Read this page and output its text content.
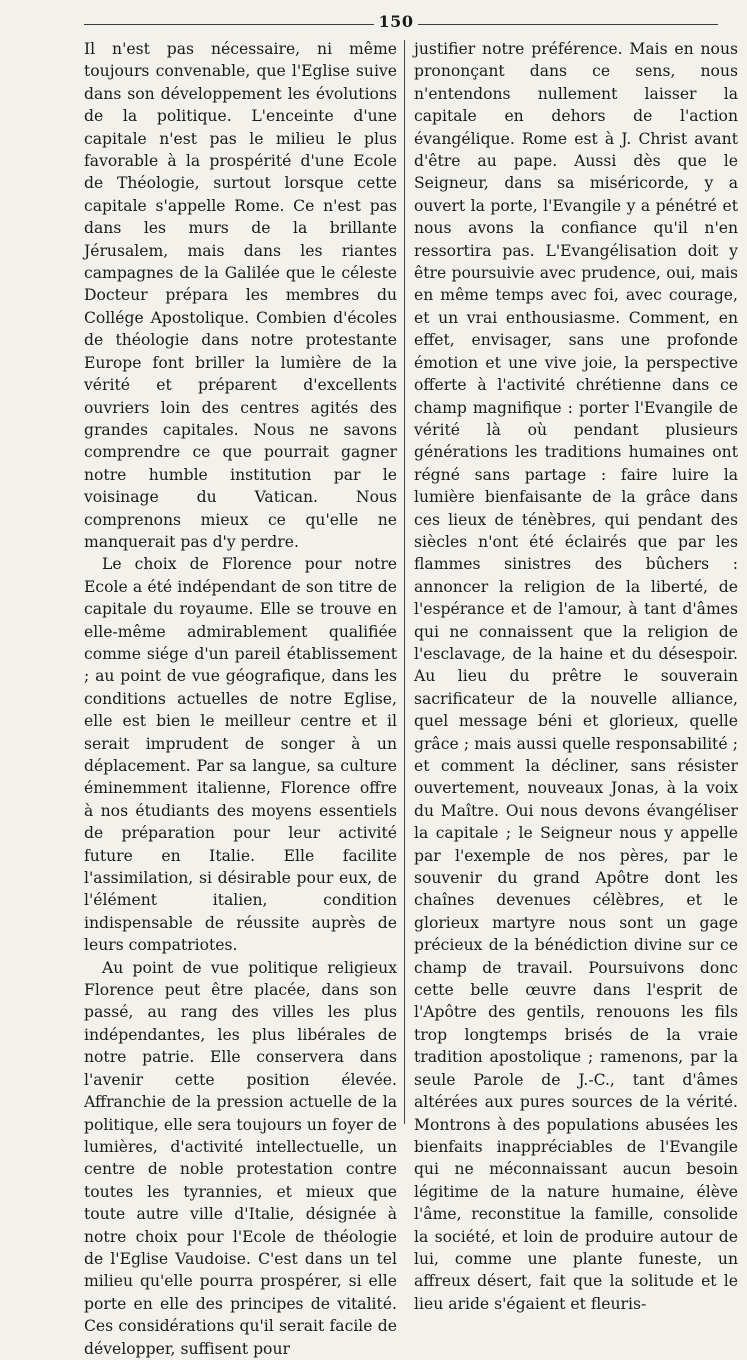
150

Il n'est pas nécessaire, ni même toujours convenable, que l'Eglise suive dans son développement les évolutions de la politique. L'enceinte d'une capitale n'est pas le milieu le plus favorable à la prospérité d'une Ecole de Théologie, surtout lorsque cette capitale s'appelle Rome. Ce n'est pas dans les murs de la brillante Jérusalem, mais dans les riantes campagnes de la Galilée que le céleste Docteur prépara les membres du Collége Apostolique. Combien d'écoles de théologie dans notre protestante Europe font briller la lumière de la vérité et préparent d'excellents ouvriers loin des centres agités des grandes capitales. Nous ne savons comprendre ce que pourrait gagner notre humble institution par le voisinage du Vatican. Nous comprenons mieux ce qu'elle ne manquerait pas d'y perdre.

Le choix de Florence pour notre Ecole a été indépendant de son titre de capitale du royaume. Elle se trouve en elle-même admirablement qualifiée comme siége d'un pareil établissement ; au point de vue géografique, dans les conditions actuelles de notre Eglise, elle est bien le meilleur centre et il serait imprudent de songer à un déplacement. Par sa langue, sa culture éminemment italienne, Florence offre à nos étudiants des moyens essentiels de préparation pour leur activité future en Italie. Elle facilite l'assimilation, si désirable pour eux, de l'élément italien, condition indispensable de réussite auprès de leurs compatriotes.

Au point de vue politique religieux Florence peut être placée, dans son passé, au rang des villes les plus indépendantes, les plus libérales de notre patrie. Elle conservera dans l'avenir cette position élevée. Affranchie de la pression actuelle de la politique, elle sera toujours un foyer de lumières, d'activité intellectuelle, un centre de noble protestation contre toutes les tyrannies, et mieux que toute autre ville d'Italie, désignée à notre choix pour l'Ecole de théologie de l'Eglise Vaudoise. C'est dans un tel milieu qu'elle pourra prospérer, si elle porte en elle des principes de vitalité. Ces considérations qu'il serait facile de développer, suffisent pour

justifier notre préférence. Mais en nous prononçant dans ce sens, nous n'entendons nullement laisser la capitale en dehors de l'action évangélique. Rome est à J. Christ avant d'être au pape. Aussi dès que le Seigneur, dans sa miséricorde, y a ouvert la porte, l'Evangile y a pénétré et nous avons la confiance qu'il n'en ressortira pas. L'Evangélisation doit y être poursuivie avec prudence, oui, mais en même temps avec foi, avec courage, et un vrai enthousiasme. Comment, en effet, envisager, sans une profonde émotion et une vive joie, la perspective offerte à l'activité chrétienne dans ce champ magnifique : porter l'Evangile de vérité là où pendant plusieurs générations les traditions humaines ont régné sans partage : faire luire la lumière bienfaisante de la grâce dans ces lieux de ténèbres, qui pendant des siècles n'ont été éclairés que par les flammes sinistres des bûchers : annoncer la religion de la liberté, de l'espérance et de l'amour, à tant d'âmes qui ne connaissent que la religion de l'esclavage, de la haine et du désespoir. Au lieu du prêtre le souverain sacrificateur de la nouvelle alliance, quel message béni et glorieux, quelle grâce ; mais aussi quelle responsabilité ; et comment la décliner, sans résister ouvertement, nouveaux Jonas, à la voix du Maître. Oui nous devons évangéliser la capitale ; le Seigneur nous y appelle par l'exemple de nos pères, par le souvenir du grand Apôtre dont les chaînes devenues célèbres, et le glorieux martyre nous sont un gage précieux de la bénédiction divine sur ce champ de travail. Poursuivons donc cette belle œuvre dans l'esprit de l'Apôtre des gentils, renouons les fils trop longtemps brisés de la vraie tradition apostolique ; ramenons, par la seule Parole de J.-C., tant d'âmes altérées aux pures sources de la vérité. Montrons à des populations abusées les bienfaits inappréciables de l'Evangile qui ne méconnaissant aucun besoin légitime de la nature humaine, élève l'âme, reconstitue la famille, consolide la société, et loin de produire autour de lui, comme une plante funeste, un affreux désert, fait que la solitude et le lieu aride s'égaient et fleuris-
